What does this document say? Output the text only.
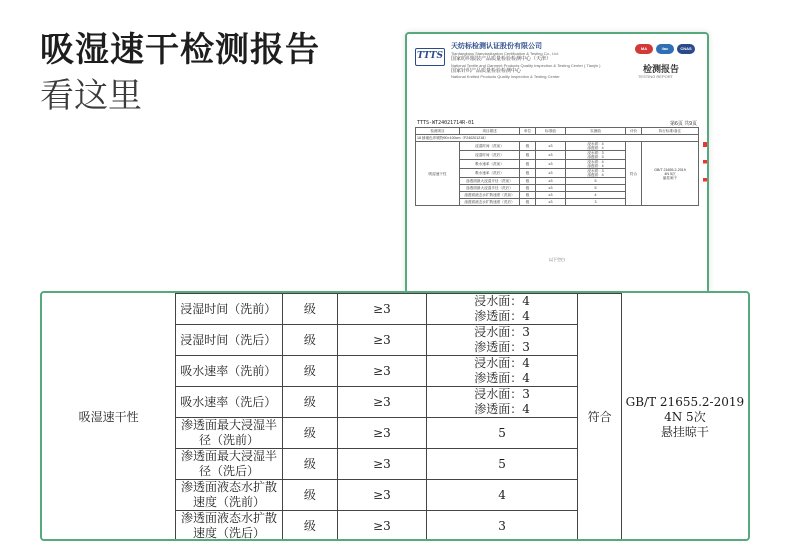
吸湿速干检测报告
看这里
TTTS
天纺标检测认证股份有限公司
Tianfangbiao Standardization Certification & Testing Co., Ltd.
国家纺织服装产品质量检验检测中心（天津）
National Textile and Garment Products Quality Inspection & Testing Center ( Tianjin )
国家针织产品质量检验检测中心
National Knitted Products Quality Inspection & Testing Center
MA	ilac	CNAS
检测报告
TESTING REPORT
TTTS-WT24021714R-01	第6页 共9页
检测项目	项目描述	单位	标准值	实测值	评价	执行标准/备注
18 蜂蜜色印刷物90×100cm（F240201218）						
吸湿速干性	浸湿时间（洗前）	级	≥3	浸水面：4
渗透面：4	符合	GB/T 21655.2-2019
4N 5次
悬挂晾干
	浸湿时间（洗后）	级	≥3	浸水面：3
渗透面：3		
	吸水速率（洗前）	级	≥3	浸水面：4
渗透面：4		
	吸水速率（洗后）	级	≥3	浸水面：3
渗透面：4		
	渗透面最大浸湿半径（洗前）	级	≥3	5		
	渗透面最大浸湿半径（洗后）	级	≥3	5		
	渗透面液态水扩散速度（洗前）	级	≥3	4		
	渗透面液态水扩散速度（洗后）	级	≥3	3		
以下空白
吸湿速干性	浸湿时间（洗前）	级	≥3	浸水面：4
渗透面：4	符合	GB/T 21655.2-2019
4N 5次
悬挂晾干

	浸湿时间（洗后）	级	≥3	浸水面：3
渗透面：3		

	吸水速率（洗前）	级	≥3	浸水面：4
渗透面：4		

	吸水速率（洗后）	级	≥3	浸水面：3
渗透面：4		

	渗透面最大浸湿半径（洗前）	级	≥3	5		
	渗透面最大浸湿半径（洗后）	级	≥3	5		
	渗透面液态水扩散速度（洗前）	级	≥3	4		
	渗透面液态水扩散速度（洗后）	级	≥3	3		
